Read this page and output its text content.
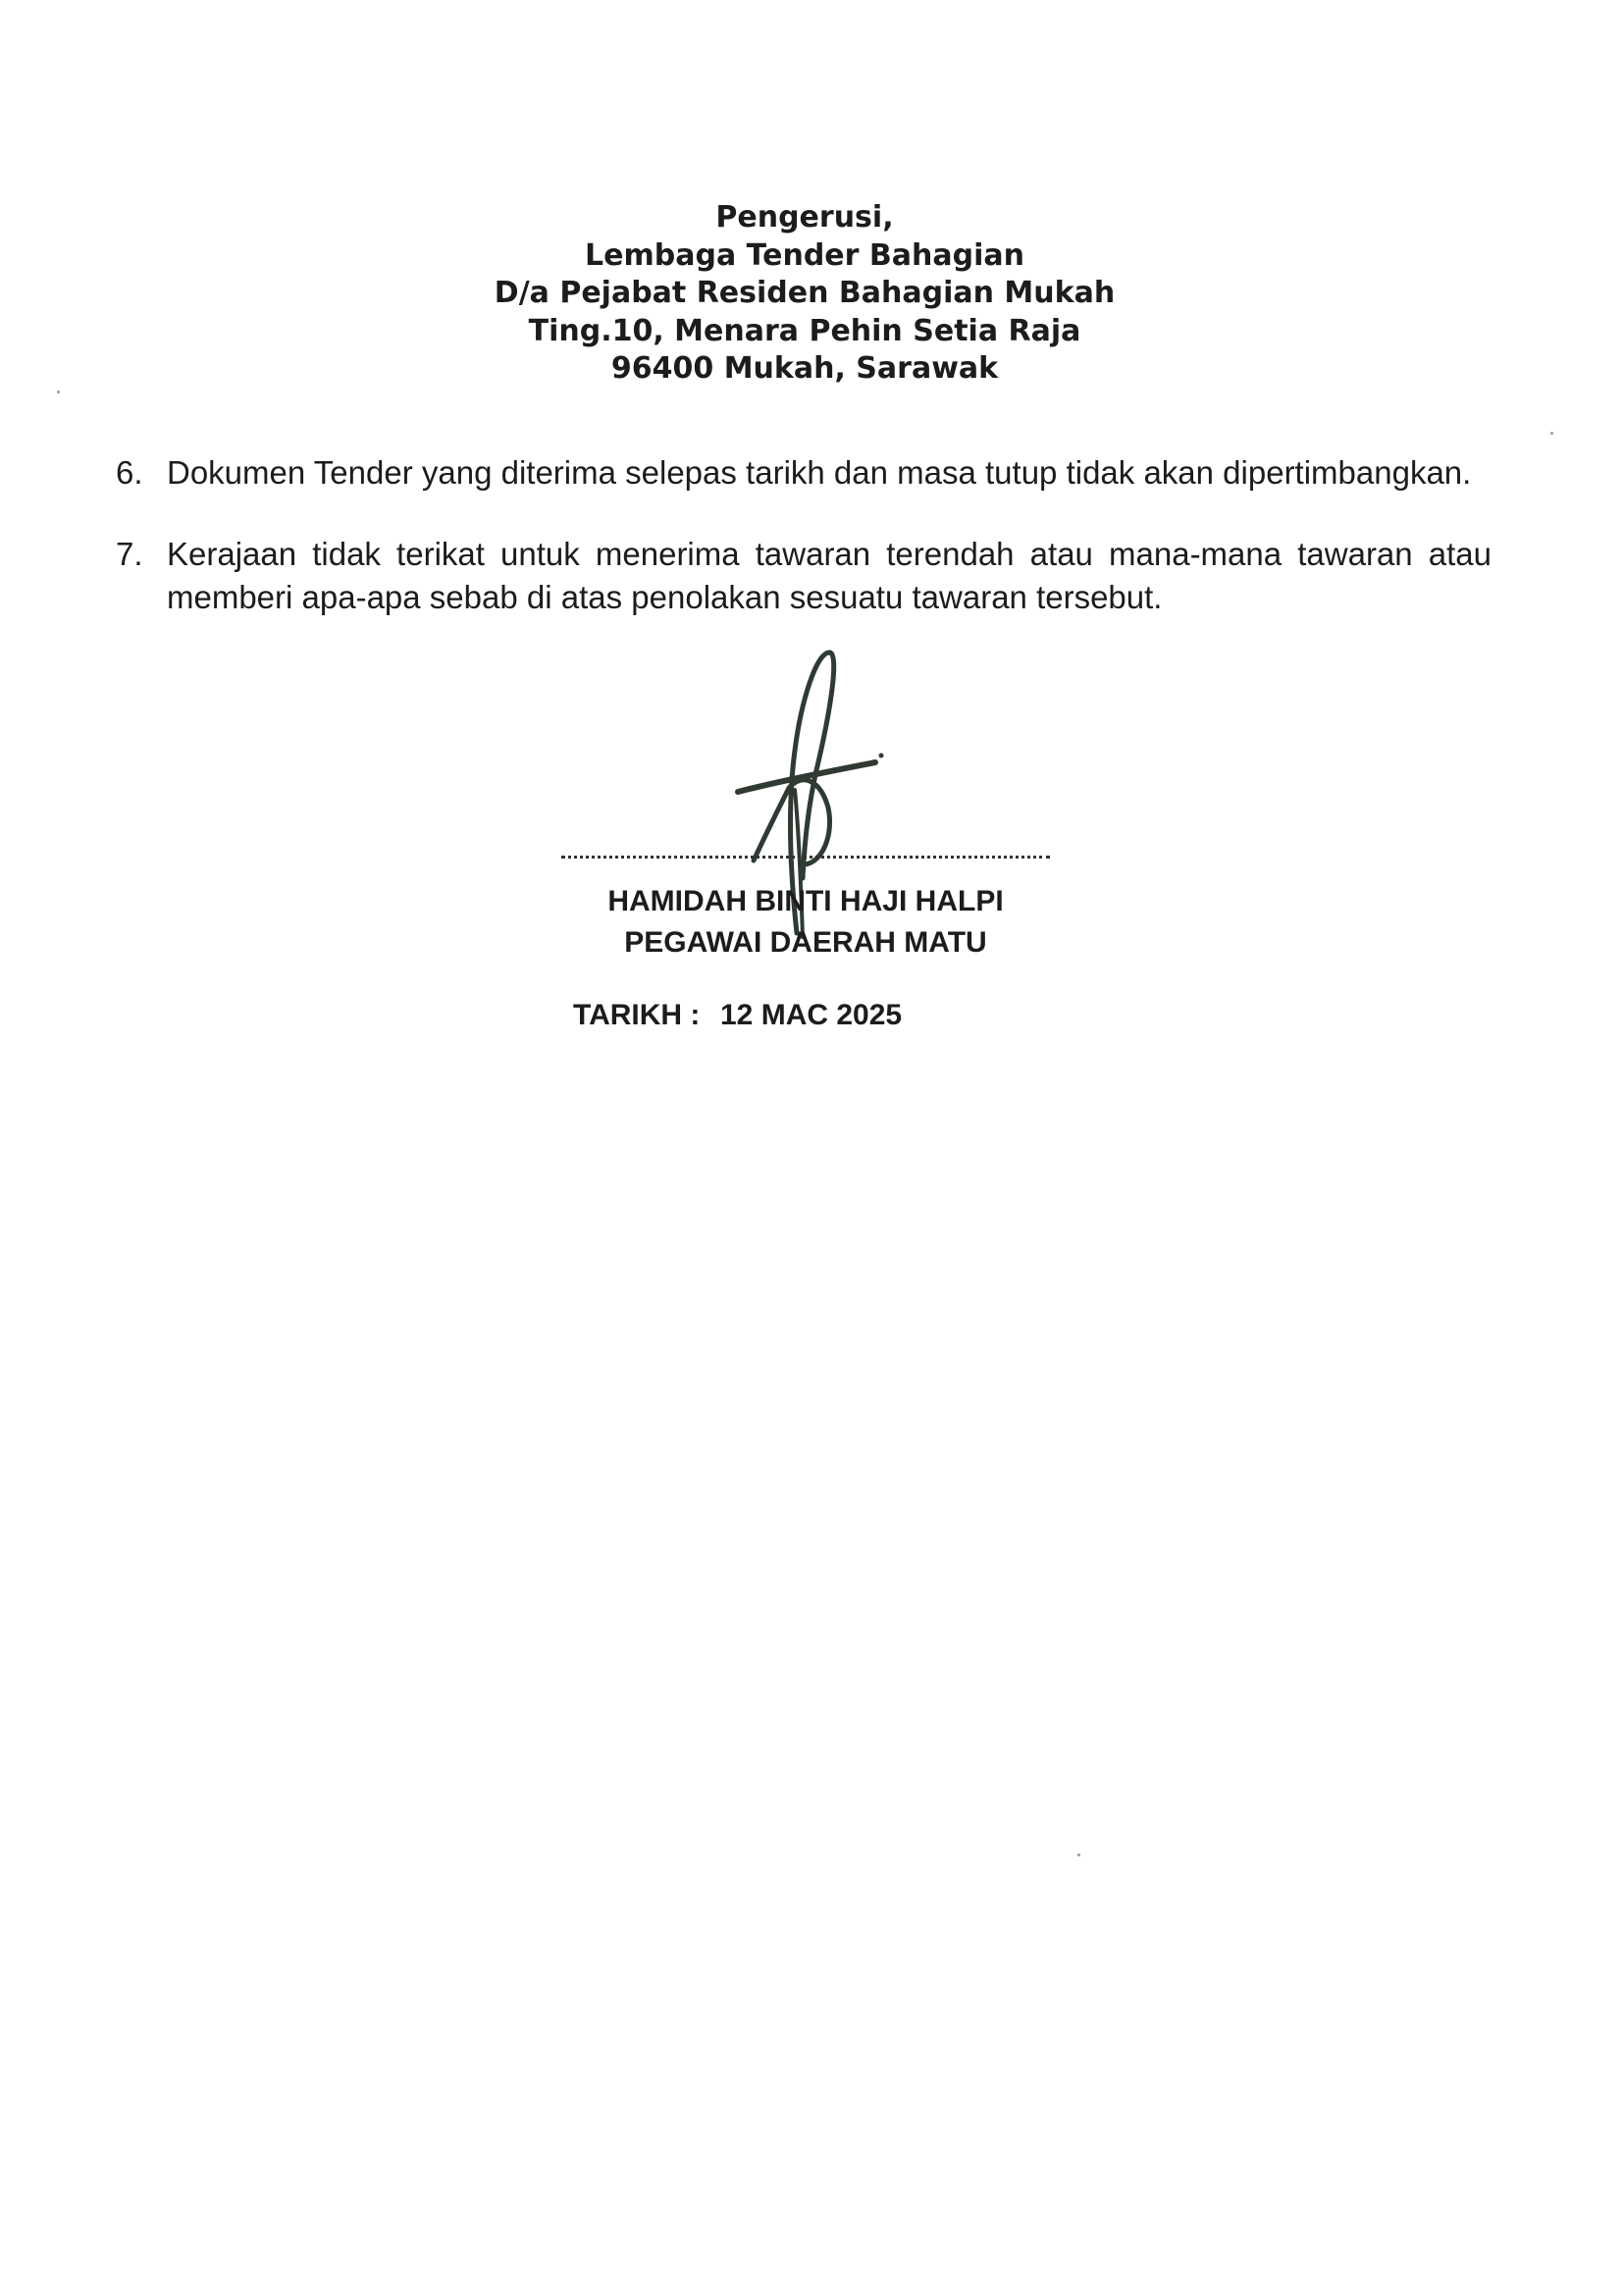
Pengerusi,
Lembaga Tender Bahagian
D/a Pejabat Residen Bahagian Mukah
Ting.10, Menara Pehin Setia Raja
96400 Mukah, Sarawak
6. Dokumen Tender yang diterima selepas tarikh dan masa tutup tidak akan dipertimbangkan.
7. Kerajaan tidak terikat untuk menerima tawaran terendah atau mana-mana tawaran atau memberi apa-apa sebab di atas penolakan sesuatu tawaran tersebut.
HAMIDAH BINTI HAJI HALPI
PEGAWAI DAERAH MATU
TARIKH : 12 MAC 2025
